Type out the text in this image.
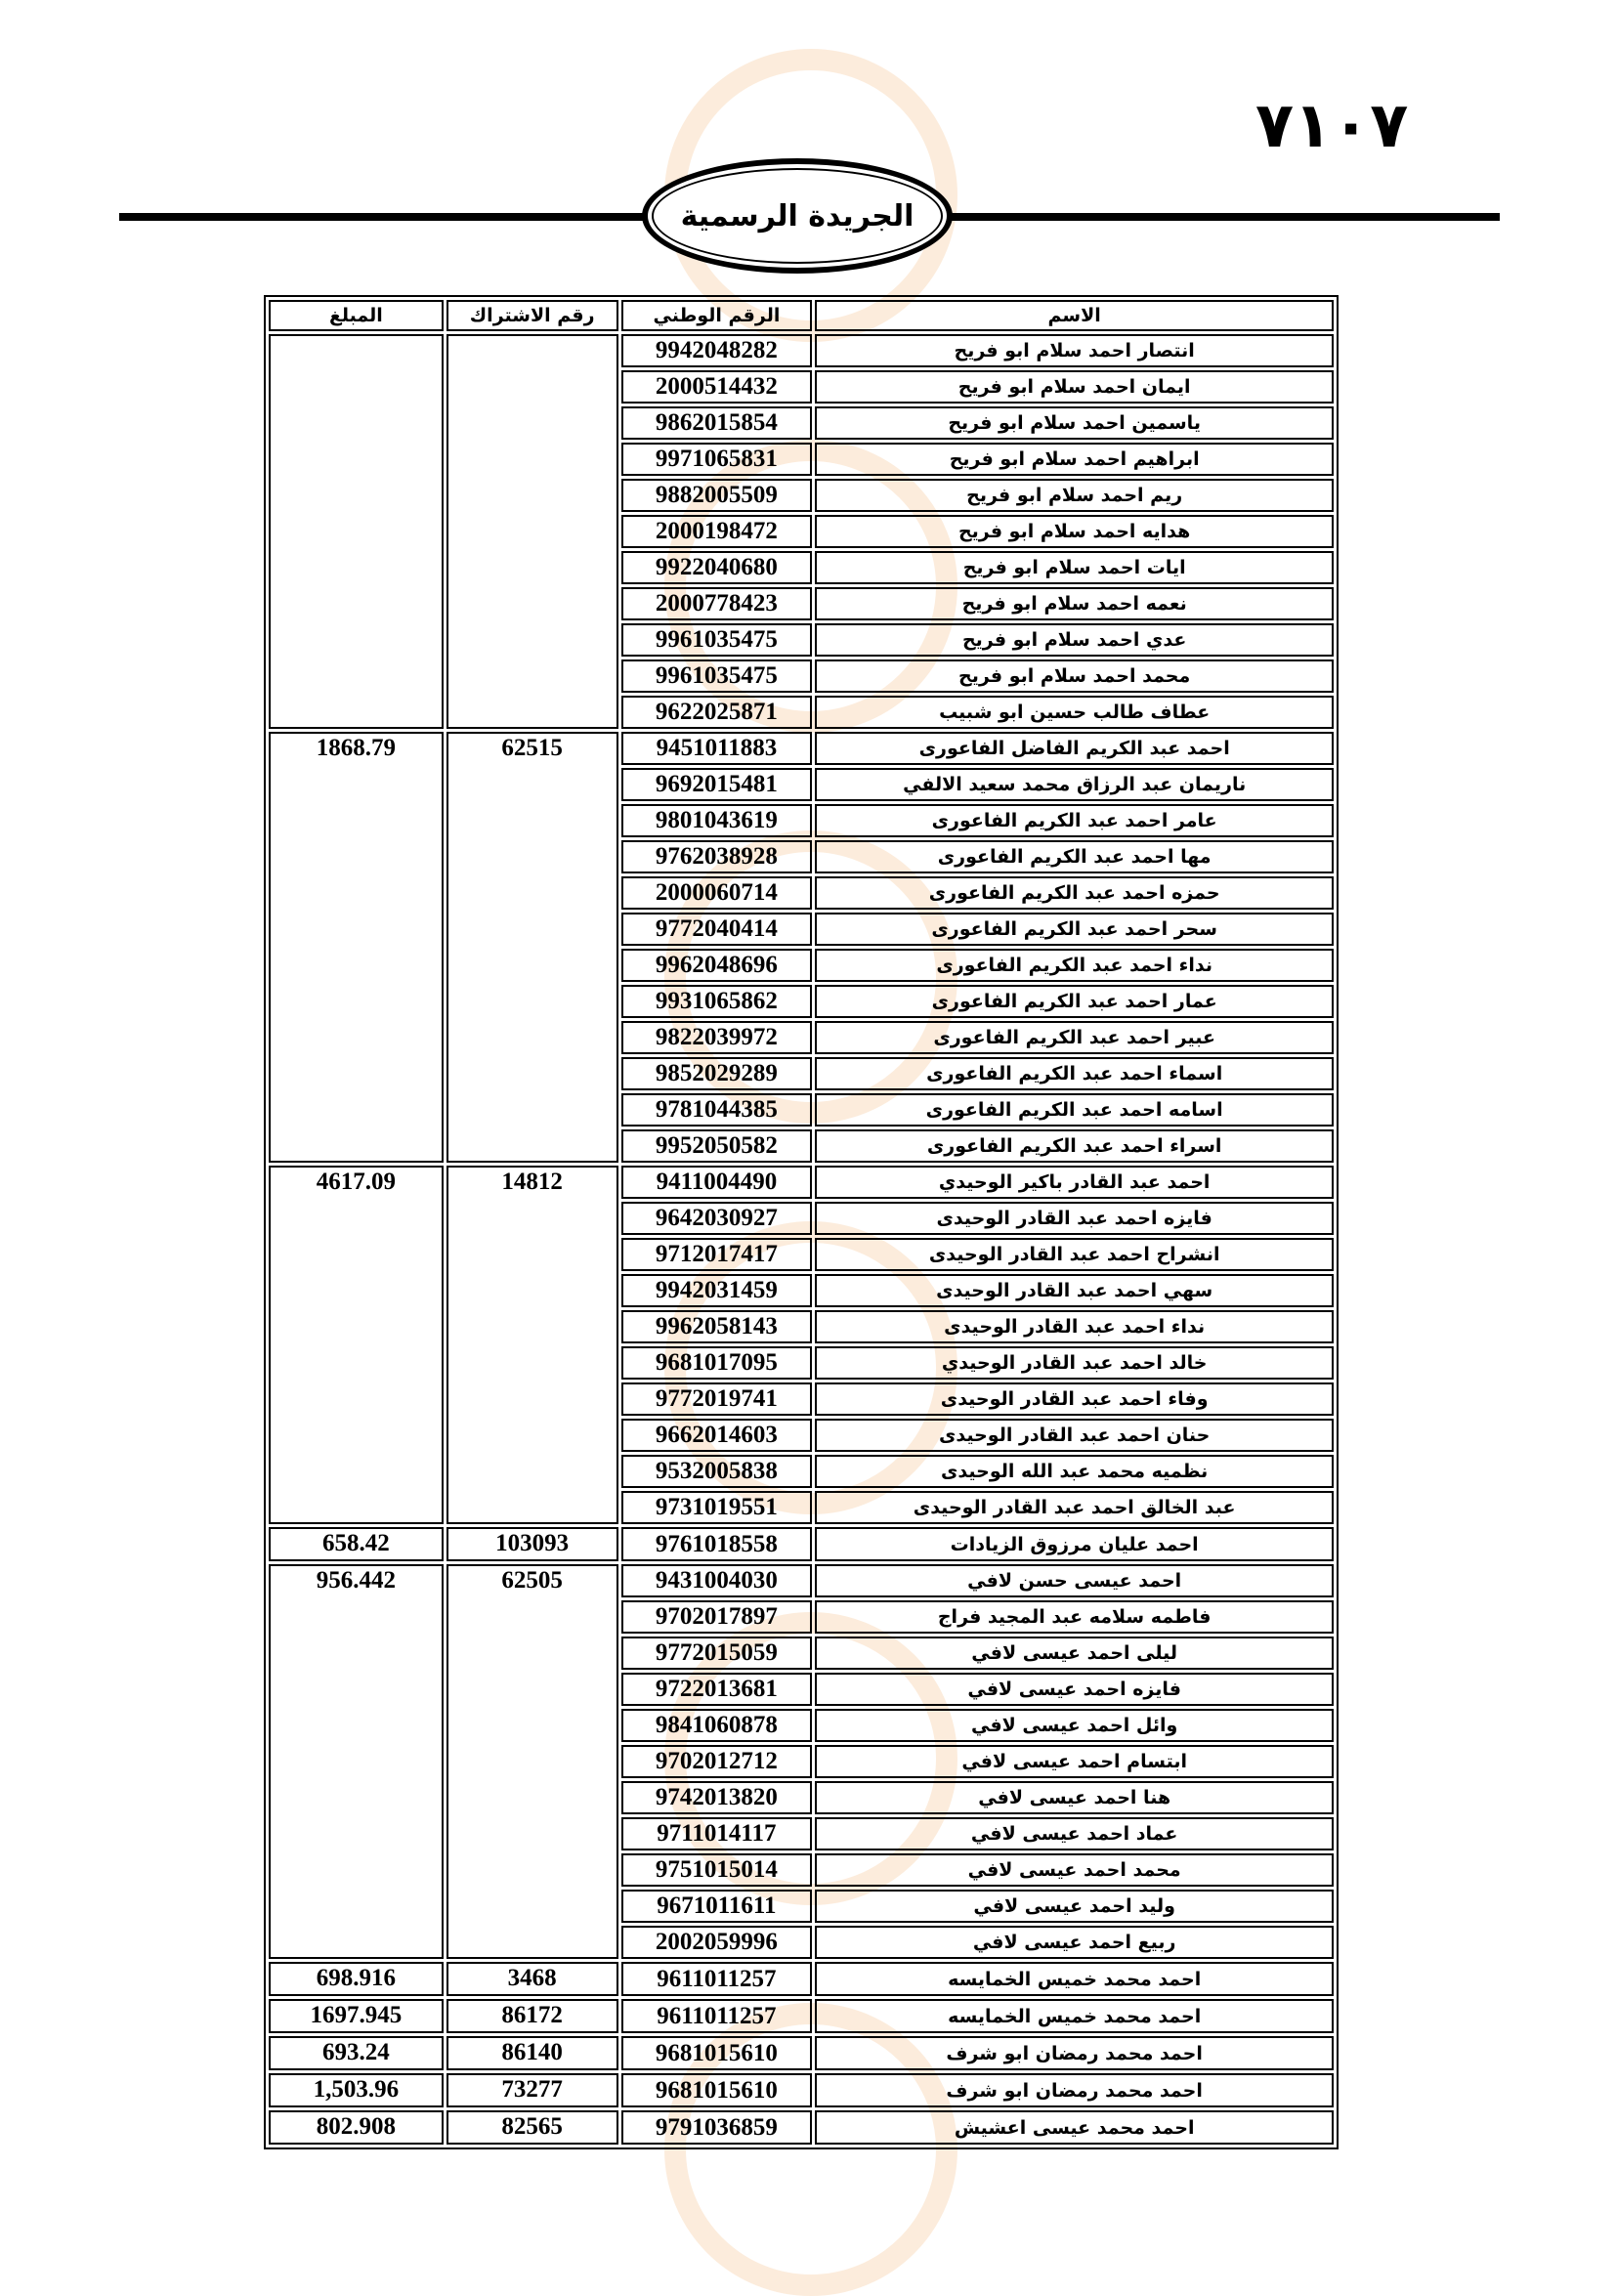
٧١٠٧
الجريدة الرسمية
الاسم	الرقم الوطني	رقم الاشتراك	المبلغ
انتصار احمد سلام ابو فريح	9942048282		
ايمان احمد سلام ابو فريح	2000514432		
ياسمين احمد سلام ابو فريح	9862015854		
ابراهيم احمد سلام ابو فريح	9971065831		
ريم احمد سلام ابو فريح	9882005509		
هدايه احمد سلام ابو فريح	2000198472		
ايات احمد سلام ابو فريح	9922040680		
نعمه احمد سلام ابو فريح	2000778423		
عدي احمد سلام ابو فريح	9961035475		
محمد احمد سلام ابو فريح	9961035475		
عطاف طالب حسين ابو شبيب	9622025871		
احمد عبد الكريم الفاضل الفاعورى	9451011883	62515	1868.79
ناريمان عبد الرزاق محمد سعيد الالفي	9692015481		
عامر احمد عبد الكريم الفاعورى	9801043619		
مها احمد عبد الكريم الفاعورى	9762038928		
حمزه احمد عبد الكريم الفاعورى	2000060714		
سحر احمد عبد الكريم الفاعورى	9772040414		
نداء احمد عبد الكريم الفاعورى	9962048696		
عمار احمد عبد الكريم الفاعورى	9931065862		
عبير احمد عبد الكريم الفاعورى	9822039972		
اسماء احمد عبد الكريم الفاعورى	9852029289		
اسامه احمد عبد الكريم الفاعورى	9781044385		
اسراء احمد عبد الكريم الفاعورى	9952050582		
احمد عبد القادر باكير الوحيدي	9411004490	14812	4617.09
فايزه احمد عبد القادر الوحيدى	9642030927		
انشراح احمد عبد القادر الوحيدى	9712017417		
سهي احمد عبد القادر الوحيدى	9942031459		
نداء احمد عبد القادر الوحيدى	9962058143		
خالد احمد عبد القادر الوحيدي	9681017095		
وفاء احمد عبد القادر الوحيدى	9772019741		
حنان احمد عبد القادر الوحيدى	9662014603		
نظميه محمد عبد الله الوحيدى	9532005838		
عبد الخالق احمد عبد القادر الوحيدى	9731019551		
احمد عليان مرزوق الزيادات	9761018558	103093	658.42
احمد عيسى حسن لافي	9431004030	62505	956.442
فاطمه سلامه عبد المجيد فراج	9702017897		
ليلى احمد عيسى لافي	9772015059		
فايزه احمد عيسى لافي	9722013681		
وائل احمد عيسى لافي	9841060878		
ابتسام احمد عيسى لافي	9702012712		
هنا احمد عيسى لافي	9742013820		
عماد احمد عيسى لافي	9711014117		
محمد احمد عيسى لافي	9751015014		
وليد احمد عيسى لافي	9671011611		
ربيع احمد عيسى لافي	2002059996		
احمد محمد خميس الخمايسه	9611011257	3468	698.916
احمد محمد خميس الخمايسه	9611011257	86172	1697.945
احمد محمد رمضان ابو شرف	9681015610	86140	693.24
احمد محمد رمضان ابو شرف	9681015610	73277	1,503.96
احمد محمد عيسى اعشيش	9791036859	82565	802.908
